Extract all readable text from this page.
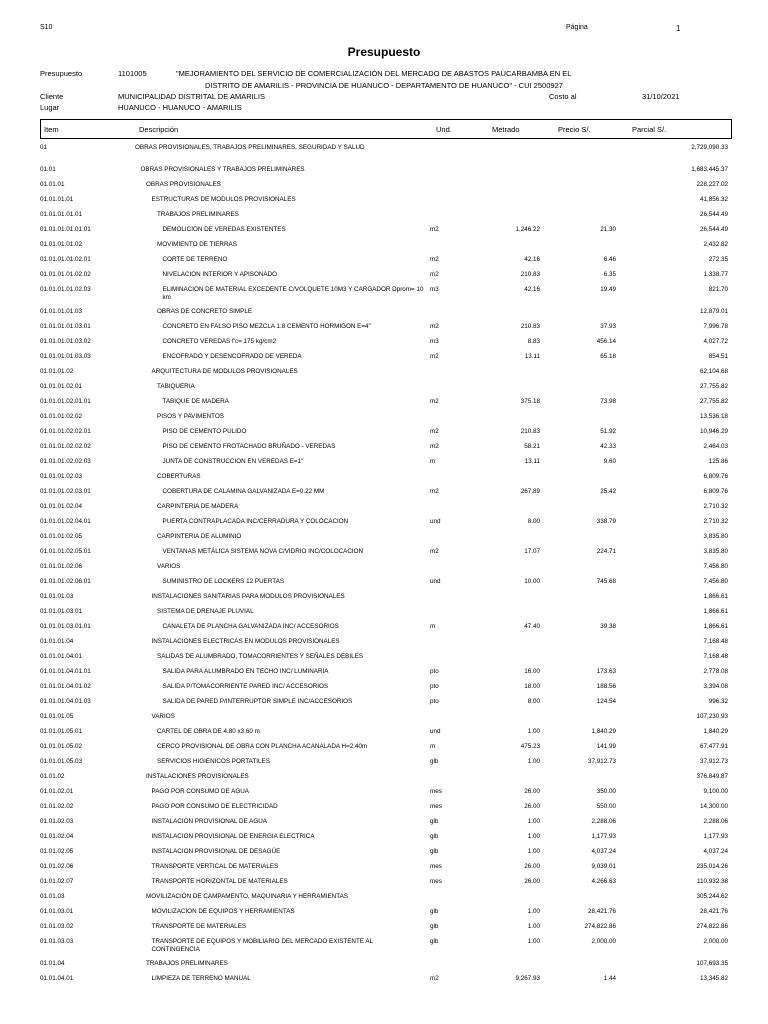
S10	Página	1
Presupuesto
Presupuesto	1101005	"MEJORAMIENTO DEL SERVICIO DE COMERCIALIZACIÓN DEL MERCADO DE ABASTOS PAUCARBAMBA EN EL
DISTRITO DE AMARILIS - PROVINCIA DE HUANUCO - DEPARTAMENTO DE HUANUCO" - CUI 2500927
Cliente	MUNICIPALIDAD DISTRITAL DE AMARILIS	Costo al	31/10/2021
Lugar	HUANUCO - HUANUCO - AMARILIS
Item	Descripción	Und.	Metrado	Precio S/.	Parcial S/.
01	OBRAS PROVISIONALES, TRABAJOS PRELIMINARES, SEGURIDAD Y SALUD	2,729,090.33
01.01	OBRAS PROVISIONALES Y TRABAJOS PRELIMINARES	1,683,445.37
01.01.01	OBRAS PROVISIONALES	228,227.02
01.01.01.01	ESTRUCTURAS DE MODULOS PROVISIONALES	41,856.32
01.01.01.01.01	TRABAJOS PRELIMINARES	26,544.49
01.01.01.01.01.01	DEMOLICION DE VEREDAS EXISTENTES	m2	1,246.22	21.30	26,544.49
01.01.01.01.02	MOVIMIENTO DE TIERRAS	2,432.82
01.01.01.01.02.01	CORTE DE TERRENO	m2	42.16	6.46	272.35
01.01.01.01.02.02	NIVELACION INTERIOR Y APISONADO	m2	210.83	6.35	1,338.77
01.01.01.01.02.03	ELIMINACION DE MATERIAL EXCEDENTE C/VOLQUETE 10M3 Y CARGADOR Dprom= 10 km
m3	42.16	19.49	821.70
01.01.01.01.03	OBRAS DE CONCRETO SIMPLE	12,879.01
01.01.01.01.03.01	CONCRETO EN FALSO PISO MEZCLA 1:8 CEMENTO HORMIGON E=4"	m2	210.83	37.93	7,996.78
01.01.01.01.03.02	CONCRETO VEREDAS f'c= 175 kg/cm2	m3	8.83	456.14	4,027.72
01.01.01.01.03.03	ENCOFRADO Y DESENCOFRADO DE VEREDA	m2	13.11	65.18	854.51
01.01.01.02	ARQUITECTURA DE MODULOS PROVISIONALES	62,104.68
01.01.01.02.01	TABIQUERIA	27,755.82
01.01.01.02.01.01	TABIQUE DE MADERA	m2	375.18	73.98	27,755.82
01.01.01.02.02	PISOS Y PAVIMENTOS	13,536.18
01.01.01.02.02.01	PISO DE CEMENTO PULIDO	m2	210.83	51.92	10,946.29
01.01.01.02.02.02	PISO DE CEMENTO FROTACHADO BRUÑADO - VEREDAS	m2	58.21	42.33	2,464.03
01.01.01.02.02.03	JUNTA DE CONSTRUCCION EN VEREDAS E=1"	m	13.11	9.60	125.86
01.01.01.02.03	COBERTURAS	6,809.76
01.01.01.02.03.01	COBERTURA DE CALAMINA GALVANIZADA E=0.22 MM	m2	267.89	25.42	6,809.76
01.01.01.02.04	CARPINTERIA DE MADERA	2,710.32
01.01.01.02.04.01	PUERTA CONTRAPLACADA INC/CERRADURA Y COLOCACION	und	8.00	338.79	2,710.32
01.01.01.02.05	CARPINTERIA DE ALUMINIO	3,835.80
01.01.01.02.05.01	VENTANAS METÁLICA SISTEMA NOVA C/VIDRIO INC/COLOCACION	m2	17.07	224.71	3,835.80
01.01.01.02.06	VARIOS	7,456.80
01.01.01.02.06.01	SUMINISTRO DE LOCKERS 12 PUERTAS	und	10.00	745.68	7,456.80
01.01.01.03	INSTALACIONES SANITARIAS PARA MODULOS PROVISIONALES	1,866.61
01.01.01.03.01	SISTEMA DE DRENAJE PLUVIAL	1,866.61
01.01.01.03.01.01	CANALETA DE PLANCHA GALVANIZADA INC/ ACCESORIOS	m	47.40	39.38	1,866.61
01.01.01.04	INSTALACIONES ELECTRICAS EN MODULOS PROVISIONALES	7,168.48
01.01.01.04.01	SALIDAS DE ALUMBRADO, TOMACORRIENTES Y SEÑALES DEBILES	7,168.48
01.01.01.04.01.01	SALIDA PARA ALUMBRADO EN TECHO INC/ LUMINARIA	pto	16.00	173.63	2,778.08
01.01.01.04.01.02	SALIDA P/TOMACORRIENTE PARED INC/ ACCESORIOS	pto	18.00	188.56	3,394.08
01.01.01.04.01.03	SALIDA DE PARED P/INTERRUPTOR SIMPLE INC/ACCESORIOS	pto	8.00	124.54	996.32
01.01.01.05	VARIOS	107,230.93
01.01.01.05.01	CARTEL DE OBRA DE 4.80 x3.60 m	und	1.00	1,840.29	1,840.29
01.01.01.05.02	CERCO PROVISIONAL DE OBRA CON PLANCHA ACANALADA H=2.40m	m	475.23	141.99	67,477.91
01.01.01.05.03	SERVICIOS HIGIENICOS PORTATILES	glb	1.00	37,912.73	37,912.73
01.01.02	INSTALACIONES PROVISIONALES	376,849.87
01.01.02.01	PAGO POR CONSUMO DE AGUA	mes	26.00	350.00	9,100.00
01.01.02.02	PAGO POR CONSUMO DE ELECTRICIDAD	mes	26.00	550.00	14,300.00
01.01.02.03	INSTALACION PROVISIONAL DE AGUA	glb	1.00	2,288.06	2,288.06
01.01.02.04	INSTALACION PROVISIONAL DE ENERGIA ELECTRICA	glb	1.00	1,177.93	1,177.93
01.01.02.05	INSTALACION PROVISIONAL DE DESAGÜE	glb	1.00	4,037.24	4,037.24
01.01.02.06	TRANSPORTE VERTICAL DE MATERIALES	mes	26.00	9,039.01	235,014.26
01.01.02.07	TRANSPORTE HORIZONTAL DE MATERIALES	mes	26.00	4,266.63	110,932.38
01.01.03	MOVILIZACIÓN DE CAMPAMENTO, MAQUINARIA Y HERRAMIENTAS	305,244.62
01.01.03.01	MOVILIZACION DE EQUIPOS Y HERRAMIENTAS	glb	1.00	28,421.76	28,421.76
01.01.03.02	TRANSPORTE DE MATERIALES	glb	1.00	274,822.86	274,822.86
01.01.03.03	TRANSPORTE DE EQUIPOS Y MOBILIARIO DEL MERCADO EXISTENTE AL CONTINGENCIA
glb	1.00	2,000.00	2,000.00
01.01.04	TRABAJOS PRELIMINARES	107,693.35
01.01.04.01	LIMPIEZA DE TERRENO MANUAL	m2	9,267.93	1.44	13,345.82
